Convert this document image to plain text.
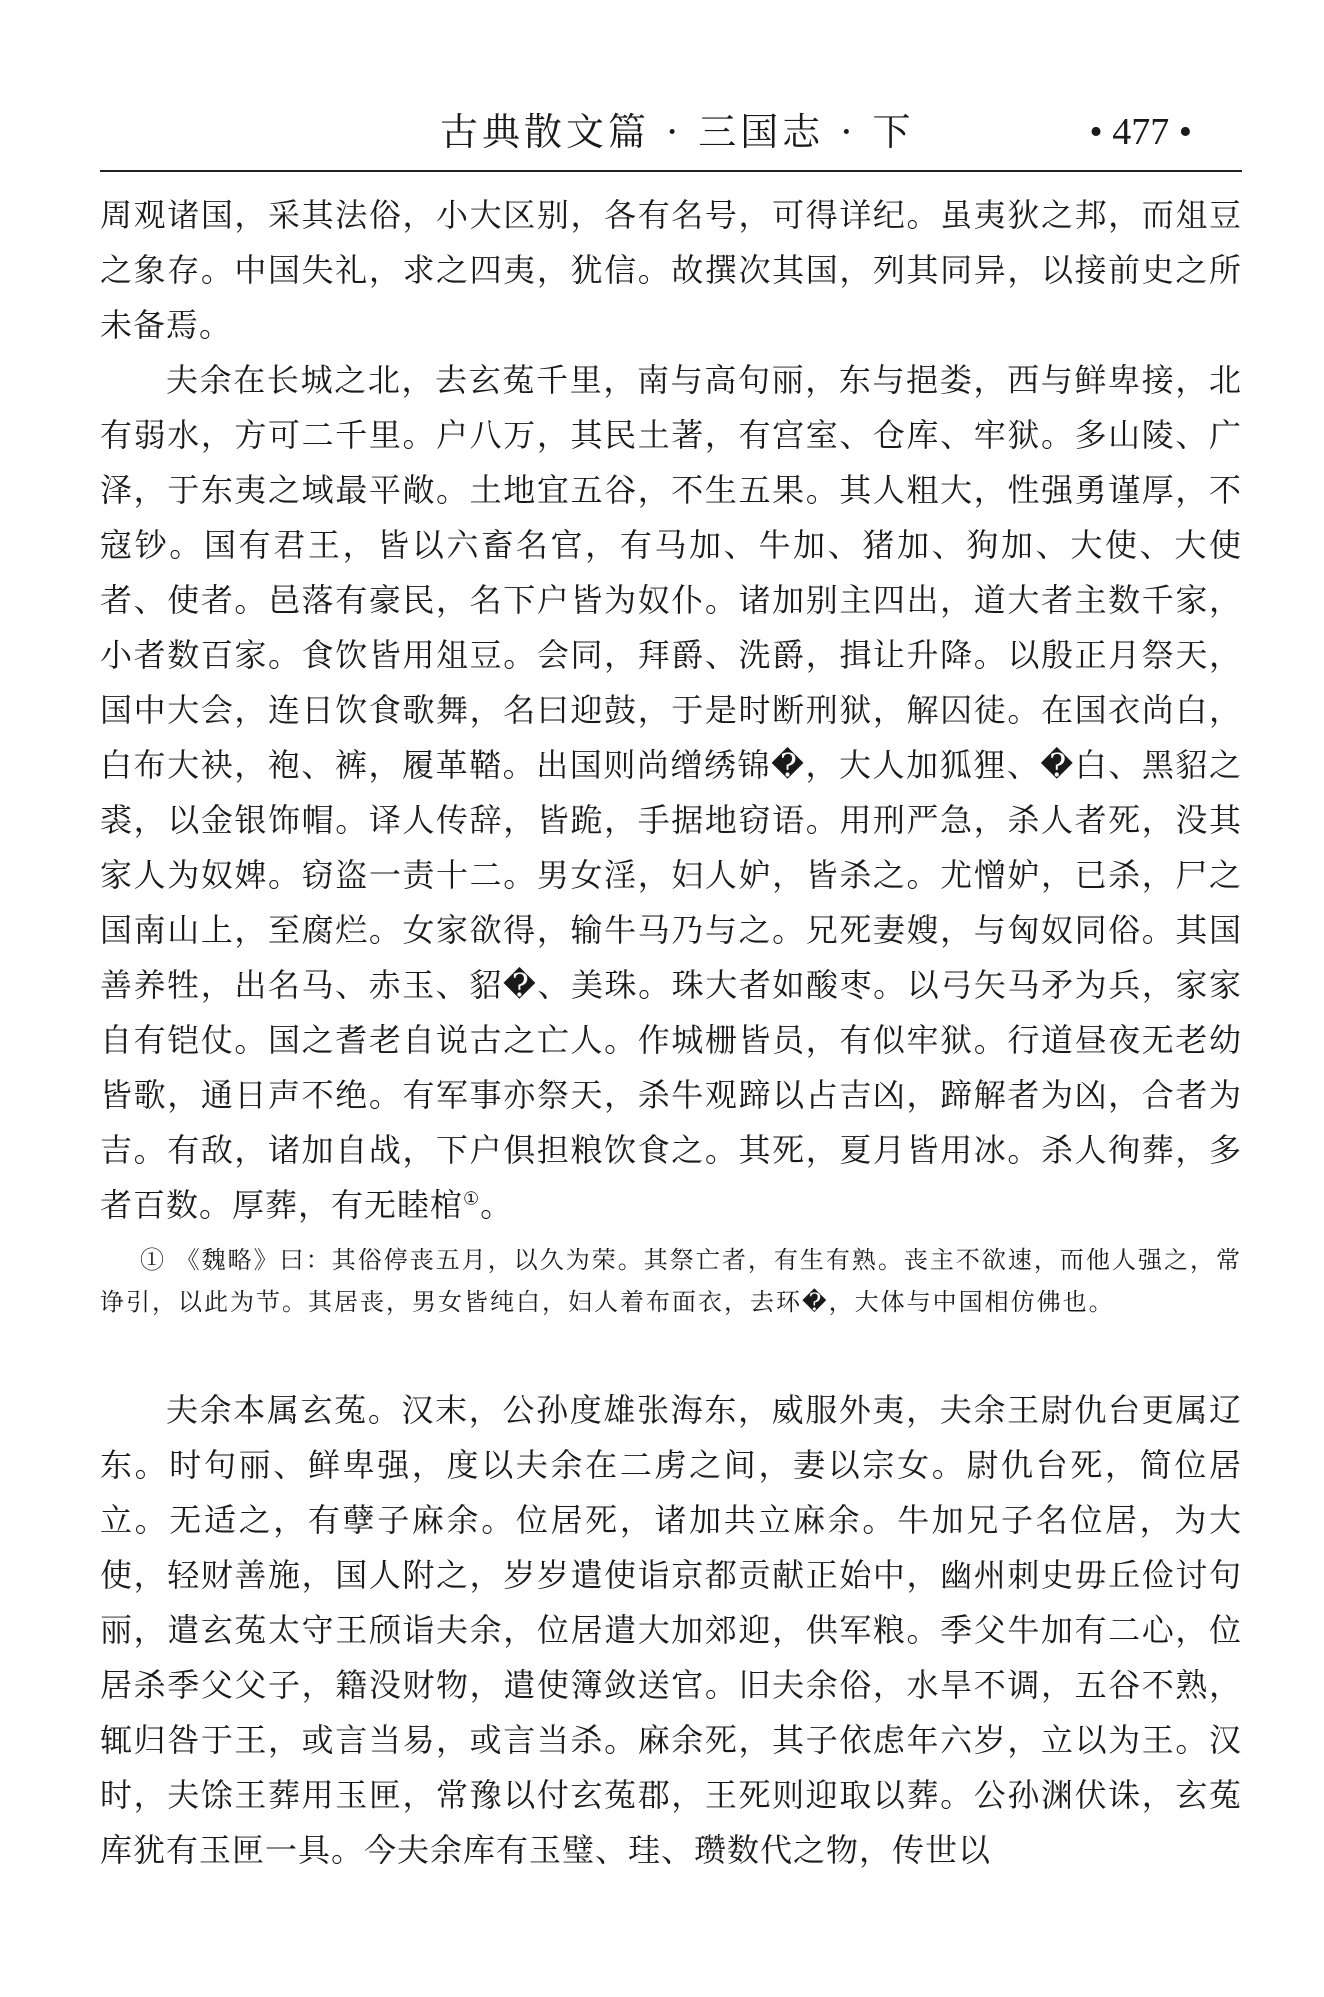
古典散文篇 · 三国志 · 下	• 477 •

周观诸国，采其法俗，小大区别，各有名号，可得详纪。虽夷狄之邦，而俎豆之象存。中国失礼，求之四夷，犹信。故撰次其国，列其同异，以接前史之所未备焉。

夫余在长城之北，去玄菟千里，南与高句丽，东与挹娄，西与鲜卑接，北有弱水，方可二千里。户八万，其民土著，有宫室、仓库、牢狱。多山陵、广泽，于东夷之域最平敞。土地宜五谷，不生五果。其人粗大，性强勇谨厚，不寇钞。国有君王，皆以六畜名官，有马加、牛加、猪加、狗加、大使、大使者、使者。邑落有豪民，名下户皆为奴仆。诸加别主四出，道大者主数千家，小者数百家。食饮皆用俎豆。会同，拜爵、洗爵，揖让升降。以殷正月祭天，国中大会，连日饮食歌舞，名曰迎鼓，于是时断刑狱，解囚徒。在国衣尚白，白布大袂，袍、裤，履革鞜。出国则尚缯绣锦�，大人加狐狸、�白、黑貂之裘，以金银饰帽。译人传辞，皆跪，手据地窃语。用刑严急，杀人者死，没其家人为奴婢。窃盗一责十二。男女淫，妇人妒，皆杀之。尤憎妒，已杀，尸之国南山上，至腐烂。女家欲得，输牛马乃与之。兄死妻嫂，与匈奴同俗。其国善养牲，出名马、赤玉、貂�、美珠。珠大者如酸枣。以弓矢马矛为兵，家家自有铠仗。国之耆老自说古之亡人。作城栅皆员，有似牢狱。行道昼夜无老幼皆歌，通日声不绝。有军事亦祭天，杀牛观蹄以占吉凶，蹄解者为凶，合者为吉。有敌，诸加自战，下户俱担粮饮食之。其死，夏月皆用冰。杀人徇葬，多者百数。厚葬，有无睦棺①。

① 《魏略》曰：其俗停丧五月，以久为荣。其祭亡者，有生有熟。丧主不欲速，而他人强之，常诤引，以此为节。其居丧，男女皆纯白，妇人着布面衣，去环�，大体与中国相仿佛也。

夫余本属玄菟。汉末，公孙度雄张海东，威服外夷，夫余王尉仇台更属辽东。时句丽、鲜卑强，度以夫余在二虏之间，妻以宗女。尉仇台死，简位居立。无适之，有孽子麻余。位居死，诸加共立麻余。牛加兄子名位居，为大使，轻财善施，国人附之，岁岁遣使诣京都贡献正始中，幽州刺史毋丘俭讨句丽，遣玄菟太守王颀诣夫余，位居遣大加郊迎，供军粮。季父牛加有二心，位居杀季父父子，籍没财物，遣使簿敛送官。旧夫余俗，水旱不调，五谷不熟，辄归咎于王，或言当易，或言当杀。麻余死，其子依虑年六岁，立以为王。汉时，夫馀王葬用玉匣，常豫以付玄菟郡，王死则迎取以葬。公孙渊伏诛，玄菟库犹有玉匣一具。今夫余库有玉璧、珪、瓒数代之物，传世以
